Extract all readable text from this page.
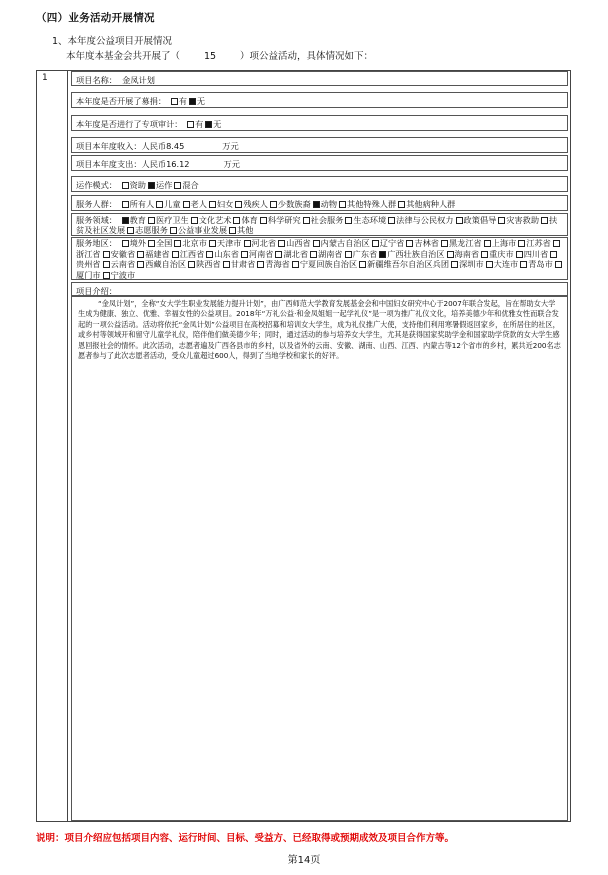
（四）业务活动开展情况
1、本年度公益项目开展情况
本年度本基金会共开展了（	15	）项公益活动，具体情况如下：
1	项目名称： 金凤计划
本年度是否开展了募捐： 有 无
本年度是否进行了专项审计： 有 无
项目本年度收入：人民币8.45	万元
项目本年度支出：人民币16.12	万元
运作模式： 资助 运作 混合
服务人群： 所有人 儿童 老人 妇女 残疾人 少数族裔 动物 其他特殊人群 其他病种人群
服务领域： 教育 医疗卫生 文化艺术 体育 科学研究 社会服务 生态环境 法律与公民权力 政策倡导 灾害救助 扶贫及社区发展 志愿服务 公益事业发展 其他
服务地区： 境外 全国 北京市 天津市 河北省 山西省 内蒙古自治区 辽宁省 吉林省 黑龙江省 上海市 江苏省浙江省 安徽省 福建省 江西省 山东省 河南省 湖北省 湖南省 广东省 广西壮族自治区 海南省 重庆市 四川省贵州省 云南省 西藏自治区 陕西省 甘肃省 青海省 宁夏回族自治区 新疆维吾尔自治区兵团 深圳市 大连市 青岛市厦门市 宁波市
项目介绍：
“金凤计划”，全称“女大学生职业发展能力提升计划”，由广西师范大学教育发展基金会和中国妇女研究中心于2007年联合发起，旨在帮助女大学生成为健康、独立、优雅、幸福女性的公益项目。2018年“万礼公益·和金凤姐姐一起学礼仪”是一项为推广礼仪文化，培养美德少年和优雅女性而联合发起的一项公益活动。活动将依托“金凤计划”公益项目在高校招募和培训女大学生，成为礼仪推广大使，支持他们利用寒暑假返回家乡，在所居住的社区，或乡村等领域开和留守儿童学礼仪，陪伴他们做美德少年；同时，通过活动的参与培养女大学生，尤其是获得国家奖助学金和国家助学贷款的女大学生感恩回报社会的情怀。此次活动，志愿者遍及广西各县市的乡村，以及省外的云南、安徽、湖南、山西、江西、内蒙古等12个省市的乡村，累共近200名志愿者参与了此次志愿者活动，受众儿童超过600人，得到了当地学校和家长的好评。
说明：项目介绍应包括项目内容、运行时间、目标、受益方、已经取得或预期成效及项目合作方等。
第14页
